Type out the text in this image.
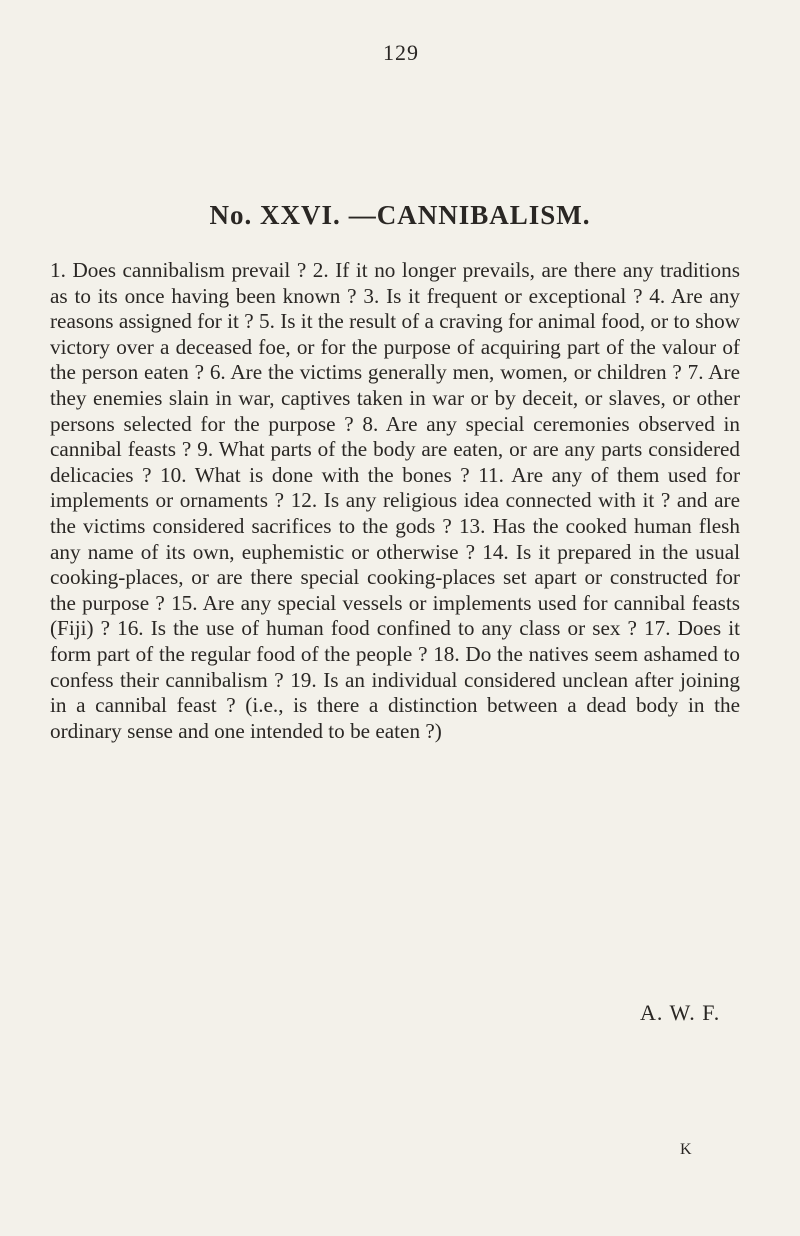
129
No. XXVI. —CANNIBALISM.

1. Does cannibalism prevail ? 2. If it no longer prevails, are there any traditions as to its once having been known ? 3. Is it frequent or exceptional ? 4. Are any reasons assigned for it ? 5. Is it the result of a craving for animal food, or to show victory over a deceased foe, or for the purpose of acquiring part of the valour of the person eaten ? 6. Are the victims generally men, women, or children ? 7. Are they enemies slain in war, captives taken in war or by deceit, or slaves, or other persons selected for the purpose ? 8. Are any special ceremonies observed in cannibal feasts ? 9. What parts of the body are eaten, or are any parts considered delicacies ? 10. What is done with the bones ? 11. Are any of them used for implements or ornaments ? 12. Is any religious idea connected with it ? and are the victims considered sacrifices to the gods ? 13. Has the cooked human flesh any name of its own, euphemistic or otherwise ? 14. Is it prepared in the usual cooking-places, or are there special cooking-places set apart or constructed for the purpose ? 15. Are any special vessels or implements used for cannibal feasts (Fiji) ? 16. Is the use of human food confined to any class or sex ? 17. Does it form part of the regular food of the people ? 18. Do the natives seem ashamed to confess their cannibalism ? 19. Is an individual considered unclean after joining in a cannibal feast ? (i.e., is there a distinction between a dead body in the ordinary sense and one intended to be eaten ?)

A. W. F.
K
